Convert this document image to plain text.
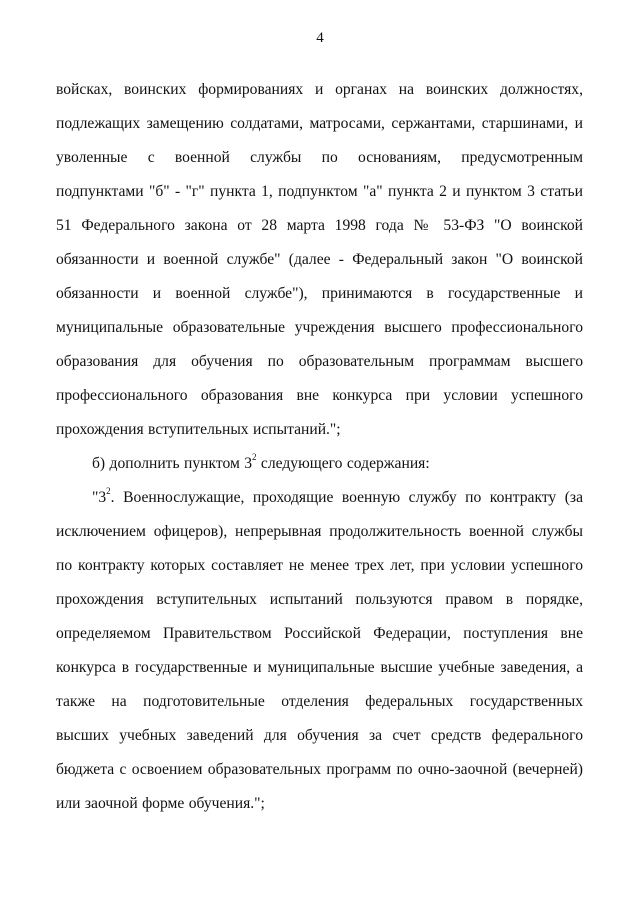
4
войсках, воинских формированиях и органах на воинских должностях,
подлежащих замещению солдатами, матросами, сержантами, старшинами, и
уволенные с военной службы по основаниям, предусмотренным
подпунктами "б" - "г" пункта 1, подпунктом "а" пункта 2 и пунктом 3 статьи
51 Федерального закона от 28 марта 1998 года № 53-ФЗ "О воинской
обязанности и военной службе" (далее - Федеральный закон "О воинской
обязанности и военной службе"), принимаются в государственные и
муниципальные образовательные учреждения высшего профессионального
образования для обучения по образовательным программам высшего
профессионального образования вне конкурса при условии успешного
прохождения вступительных испытаний.";
б) дополнить пунктом $3^2$ следующего содержания:
"$3^2$. Военнослужащие, проходящие военную службу по контракту (за
исключением офицеров), непрерывная продолжительность военной службы
по контракту которых составляет не менее трех лет, при условии успешного
прохождения вступительных испытаний пользуются правом в порядке,
определяемом Правительством Российской Федерации, поступления вне
конкурса в государственные и муниципальные высшие учебные заведения, а
также на подготовительные отделения федеральных государственных
высших учебных заведений для обучения за счет средств федерального
бюджета с освоением образовательных программ по очно-заочной (вечерней)
или заочной форме обучения.";
